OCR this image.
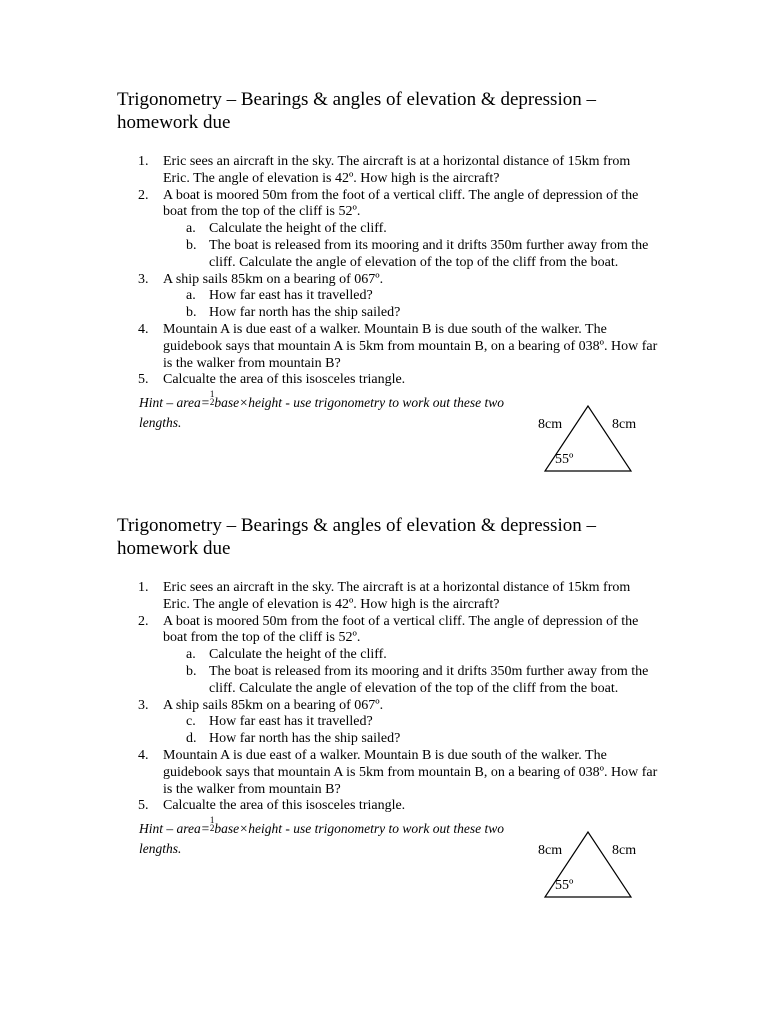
Trigonometry – Bearings & angles of elevation & depression – homework due
1.	Eric sees an aircraft in the sky. The aircraft is at a horizontal distance of 15km from Eric. The angle of elevation is 42º. How high is the aircraft?
2.	A boat is moored 50m from the foot of a vertical cliff. The angle of depression of the boat from the top of the cliff is 52º.
a. Calculate the height of the cliff.
b. The boat is released from its mooring and it drifts 350m further away from the cliff. Calculate the angle of elevation of the top of the cliff from the boat.
3.	A ship sails 85km on a bearing of 067º.
a. How far east has it travelled?
b. How far north has the ship sailed?
4.	Mountain A is due east of a walker. Mountain B is due south of the walker. The guidebook says that mountain A is 5km from mountain B, on a bearing of 038º. How far is the walker from mountain B?
5.	Calcualte the area of this isosceles triangle.
Hint – area=
1
2 base×height - use trigonometry to work out these two lengths.	8cm	8cm
55º
Trigonometry – Bearings & angles of elevation & depression – homework due
1.	Eric sees an aircraft in the sky. The aircraft is at a horizontal distance of 15km from Eric. The angle of elevation is 42º. How high is the aircraft?
2.	A boat is moored 50m from the foot of a vertical cliff. The angle of depression of the boat from the top of the cliff is 52º.
a. Calculate the height of the cliff.
b. The boat is released from its mooring and it drifts 350m further away from the cliff. Calculate the angle of elevation of the top of the cliff from the boat.
3.	A ship sails 85km on a bearing of 067º.
c. How far east has it travelled?
d. How far north has the ship sailed?
4.	Mountain A is due east of a walker. Mountain B is due south of the walker. The guidebook says that mountain A is 5km from mountain B, on a bearing of 038º. How far is the walker from mountain B?
5.	Calcualte the area of this isosceles triangle.
Hint – area=
1
2 base×height - use trigonometry to work out these two lengths.	8cm	8cm
55º
